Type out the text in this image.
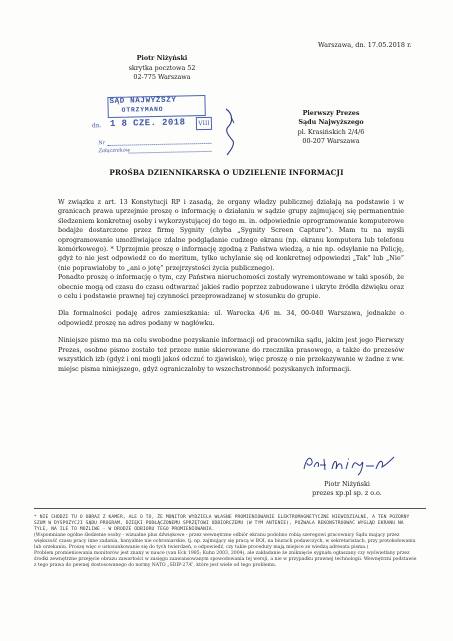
Warszawa, dn. 17.05.2018 r.
Piotr Niżyński
skrytka pocztowa 52
02-775 Warszawa
SĄD NAJWYŻSZY
OTRZYMANO
dn. 1 8 CZE. 2018	VIII
Nr
Załączników
Pierwszy Prezes
Sądu Najwyższego
pl. Krasińskich 2/4/6
00-207 Warszawa
PROŚBA DZIENNIKARSKA O UDZIELENIE INFORMACJI

W związku z art. 13 Konstytucji RP i zasadą, że organy władzy publicznej działają na podstawie i w granicach prawa uprzejmie proszę o informację o działaniu w sądzie grupy zajmującej się permanentnie śledzeniem konkretnej osoby i wykorzystującej do tego m. in. odpowiednie oprogramowanie komputerowe bodajże dostarczone przez firmę Sygnity (chyba „Sygnity Screen Capture”). Mam tu na myśli oprogramowanie umożliwiające zdalne podglądanie cudzego ekranu (np. ekranu komputera lub telefonu komórkowego). * Uprzejmie proszę o informację zgodną z Państwa wiedzą, a nie np. odsyłanie na Policję, gdyż to nie jest odpowiedź co do meritum, tylko uchylanie się od konkretnej odpowiedzi „Tak” lub „Nie” (nie poprawiałoby to „ani o jotę” przejrzystości życia publicznego).

Ponadto proszę o informację o tym, czy Państwa nieruchomości zostały wyremontowane w taki sposób, że obecnie mogą od czasu do czasu odtwarzać jakieś radio poprzez zabudowane i ukryte źródła dźwięku oraz o celu i podstawie prawnej tej czynności przeprowadzanej w stosunku do grupie.

Dla formalności podaję adres zamieszkania: ul. Warecka 4/6 m. 34, 00-040 Warszawa, jednakże o odpowiedź proszę na adres podany w nagłówku.

Niniejsze pismo ma na celu swobodne pozyskanie informacji od pracownika sądu, jakim jest jego Pierwszy Prezes, osobne pismo zostało też przeze mnie skierowane do rzecznika prasowego, a także do prezesów wszystkich izb (gdyż i oni mogli jakoś odczuć to zjawisko), więc proszę o nie przekazywanie w żadne z ww. miejsc pisma niniejszego, gdyż ograniczałoby to wszechstronność pozyskanych informacji.

Piotr Niżyński
prezes xp.pl sp. z o.o.

* NIE CHODZI TU O OBRAZ Z KAMER, ALE O TO, ŻE MONITOR WYDZIELA WŁASNE PROMIENIOWANIE ELEKTROMAGNETYCZNE NIEWIDZIALNE, A TEN POZORNY SZUM W DYSPOZYCJI SĄDU PROGRAM, DZIĘKI PODŁĄCZONEMU SPRZĘTOWI ODBIORCZEMU (W TYM ANTENIE), POZWALA REKONSTRUOWAĆ WYGLĄD EKRANU NA TYLE, NA ILE TO MOŻLIWE - W DRODZE ODBIORU TEGO PROMIENIOWANIA.

(Wspomniane ogólne śledzenie osoby - wizualne plus dźwiękowe - przez wewnętrzne odbiór ekranu podobno robią szeregowi pracownicy Sądu mający przez większość czasu pracy inne zadania, hanyalnie nie ochroniarskie, tj. np. zajmujący się pracą w BOI, na biurach podawczych, w sekretariatach, przy protokołowaniu lub orzekaniu. Proszę więc o ustosunkowanie się do tych twierdzeń, o odpowiedź, czy takie procedury mają miejsce ze wiedzą adresata pisma.)

Problem promieniowania monitorów jest znany w nauce (van Eck 1985; Kuhn 2003, 2004), ale zakładanie że zniknięcie sygnału ogłaszany czy wyświetlany przez środki zewnętrzne przejęcie obrazu zawartości w zasięgu zaawansowanym spowodowania tej wersji, a nie w przypadku prawnej technologii. Wewnętrzni podstawie z tego prawa do pewnej dostosowanego do normy NATO „SDIP-27A”, które jest wiele od tego problemu.
